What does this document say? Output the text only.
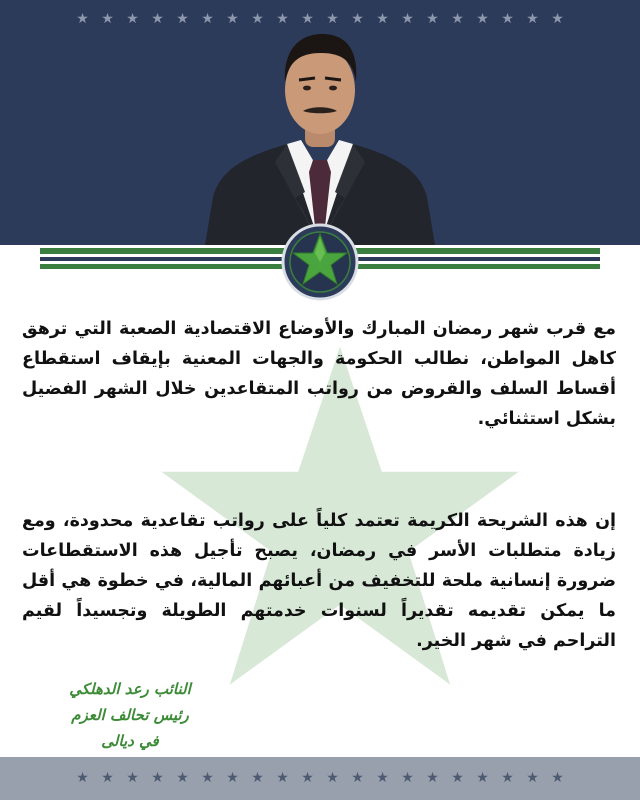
★ ★ ★ ★ ★ ★ ★ ★ ★ ★ ★ ★ ★ ★ ★ ★ ★ ★ ★ ★

مع قرب شهر رمضان المبارك والأوضاع الاقتصادية الصعبة التي ترهق كاهل المواطن، نطالب الحكومة والجهات المعنية بإيقاف استقطاع أقساط السلف والقروض من رواتب المتقاعدين خلال الشهر الفضيل بشكل استثنائي.

إن هذه الشريحة الكريمة تعتمد كلياً على رواتب تقاعدية محدودة، ومع زيادة متطلبات الأسر في رمضان، يصبح تأجيل هذه الاستقطاعات ضرورة إنسانية ملحة للتخفيف من أعبائهم المالية، في خطوة هي أقل ما يمكن تقديمه تقديراً لسنوات خدمتهم الطويلة وتجسيداً لقيم التراحم في شهر الخير.

النائب رعد الدهلكي
رئيس تحالف العزم
في ديالى
★ ★ ★ ★ ★ ★ ★ ★ ★ ★ ★ ★ ★ ★ ★ ★ ★ ★ ★ ★
